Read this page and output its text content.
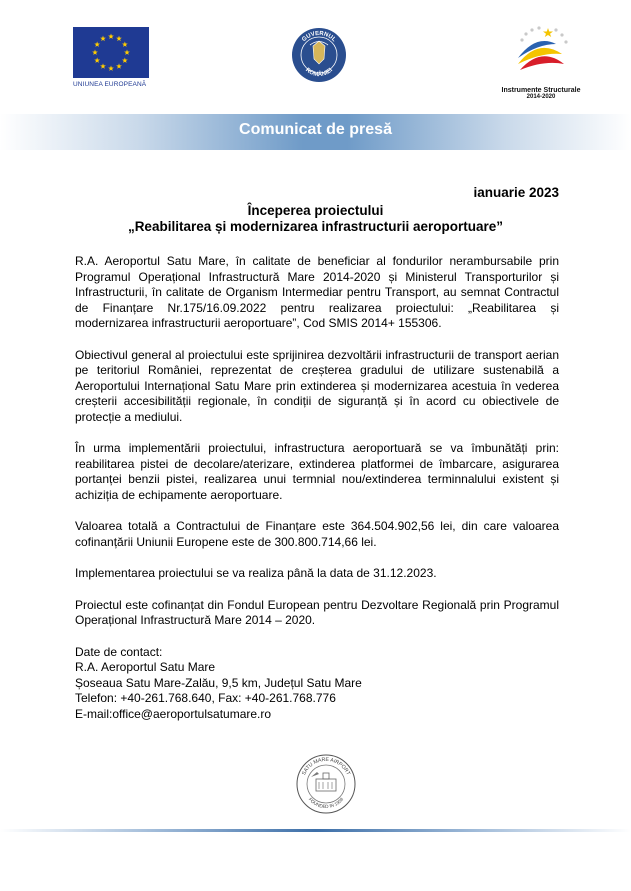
UNIUNEA EUROPEANĂ
GUVERNUL
ROMÂNIEI
Instrumente Structurale
2014-2020
Comunicat de presă
ianuarie 2023
Începerea proiectului
„Reabilitarea și modernizarea infrastructurii aeroportuare”

R.A. Aeroportul Satu Mare, în calitate de beneficiar al fondurilor nerambursabile prin Programul Operațional Infrastructură Mare 2014-2020 și Ministerul Transporturilor și Infrastructurii, în calitate de Organism Intermediar pentru Transport, au semnat Contractul de Finanțare Nr.175/16.09.2022 pentru realizarea proiectului: „Reabilitarea și modernizarea infrastructurii aeroportuare”, Cod SMIS 2014+ 155306.

Obiectivul general al proiectului este sprijinirea dezvoltării infrastructurii de transport aerian pe teritoriul României, reprezentat de creșterea gradului de utilizare sustenabilă a Aeroportului Internațional Satu Mare prin extinderea și modernizarea acestuia în vederea creșterii accesibilității regionale, în condiții de siguranță și în acord cu obiectivele de protecție a mediului.

În urma implementării proiectului, infrastructura aeroportuară se va îmbunătăți prin: reabilitarea pistei de decolare/aterizare, extinderea platformei de îmbarcare, asigurarea portanței benzii pistei, realizarea unui termnial nou/extinderea terminnalului existent și achiziția de echipamente aeroportuare.

Valoarea totală a Contractului de Finanțare este 364.504.902,56 lei, din care valoarea cofinanțării Uniunii Europene este de 300.800.714,66 lei.

Implementarea proiectului se va realiza până la data de 31.12.2023.

Proiectul este cofinanțat din Fondul European pentru Dezvoltare Regională prin Programul Operațional Infrastructură Mare 2014 – 2020.

Date de contact:
R.A. Aeroportul Satu Mare
Șoseaua Satu Mare-Zalău, 9,5 km, Județul Satu Mare
Telefon: +40-261.768.640, Fax: +40-261.768.776
E-mail:office@aeroportulsatumare.ro
SATU MARE AIRPORT
FOUNDED IN 1938
